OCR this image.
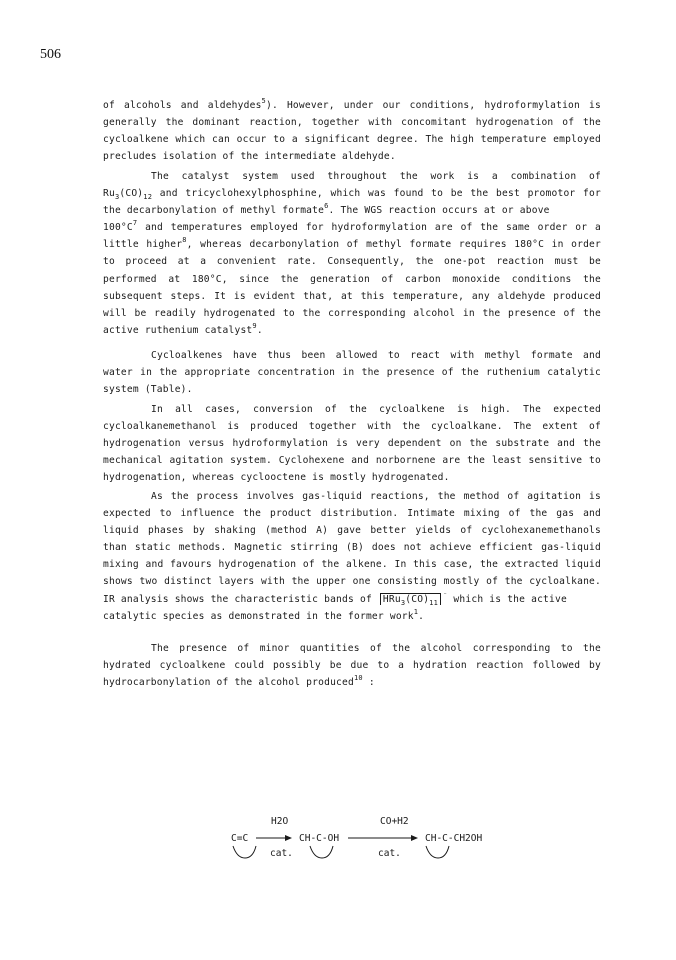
506
of alcohols and aldehydes$^5$). However, under our conditions, hydroformylation is
generally the dominant reaction, together with concomitant hydrogenation of the
cycloalkene which can occur to a significant degree. The high temperature employed
precludes isolation of the intermediate aldehyde.
The catalyst system used throughout the work is a combination of
$Ru_3(CO)_{12}$ and tricyclohexylphosphine, which was found to be the best promotor for
the decarbonylation of methyl formate$^6$. The WGS reaction occurs at or above
$100^\circ C^7$ and temperatures employed for hydroformylation are of the same order or a
little higher$^8$, whereas decarbonylation of methyl formate requires 180°C in order
to proceed at a convenient rate. Consequently, the one-pot reaction must be
performed at 180°C, since the generation of carbon monoxide conditions the
subsequent steps. It is evident that, at this temperature, any aldehyde produced
will be readily hydrogenated to the corresponding alcohol in the presence of the
active ruthenium catalyst$^9$.
Cycloalkenes have thus been allowed to react with methyl formate and
water in the appropriate concentration in the presence of the ruthenium catalytic
system (Table).
In all cases, conversion of the cycloalkene is high. The expected
cycloalkanemethanol is produced together with the cycloalkane. The extent of
hydrogenation versus hydroformylation is very dependent on the substrate and the
mechanical agitation system. Cyclohexene and norbornene are the least sensitive to
hydrogenation, whereas cyclooctene is mostly hydrogenated.
As the process involves gas-liquid reactions, the method of agitation is
expected to influence the product distribution. Intimate mixing of the gas and
liquid phases by shaking (method A) gave better yields of cyclohexanemethanols
than static methods. Magnetic stirring (B) does not achieve efficient gas-liquid
mixing and favours hydrogenation of the alkene. In this case, the extracted liquid
shows two distinct layers with the upper one consisting mostly of the cycloalkane.
IR analysis shows the characteristic bands of $HRu_3(CO)_{11}^{^-}$ which is the active
catalytic species as demonstrated in the former work$^1$.
The presence of minor quantities of the alcohol corresponding to the
hydrated cycloalkene could possibly be due to a hydration reaction followed by
hydrocarbonylation of the alcohol produced$^{10}$ :
H2O	CO+H2
C=C	CH-C-OH	CH-C-CH2OH
cat.	cat.
